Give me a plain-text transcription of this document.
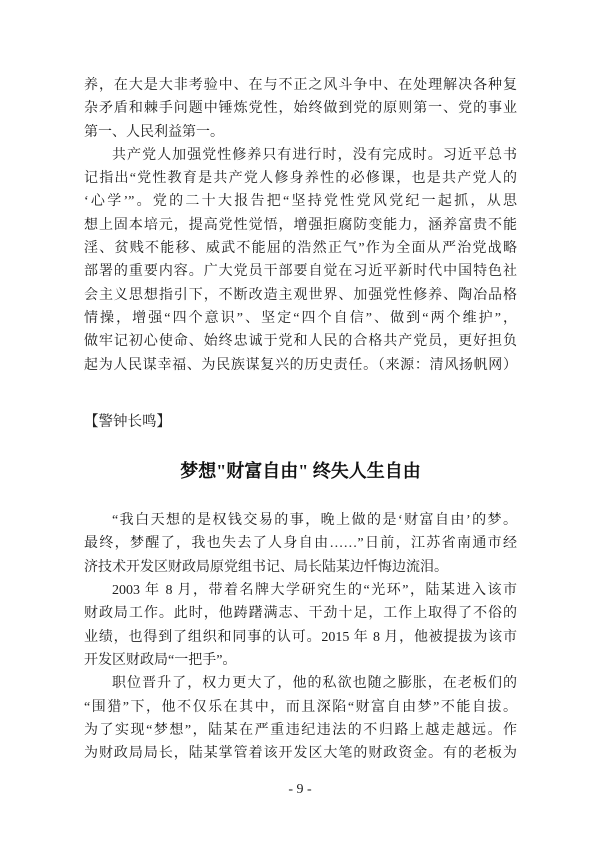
养，在大是大非考验中、在与不正之风斗争中、在处理解决各种复
杂矛盾和棘手问题中锤炼党性，始终做到党的原则第一、党的事业
第一、人民利益第一。
共产党人加强党性修养只有进行时，没有完成时。习近平总书
记指出“党性教育是共产党人修身养性的必修课，也是共产党人的
‘心学’”。党的二十大报告把“坚持党性党风党纪一起抓，从思
想上固本培元，提高党性觉悟，增强拒腐防变能力，涵养富贵不能
淫、贫贱不能移、威武不能屈的浩然正气”作为全面从严治党战略
部署的重要内容。广大党员干部要自觉在习近平新时代中国特色社
会主义思想指引下，不断改造主观世界、加强党性修养、陶冶品格
情操，增强“四个意识”、坚定“四个自信”、做到“两个维护”，
做牢记初心使命、始终忠诚于党和人民的合格共产党员，更好担负
起为人民谋幸福、为民族谋复兴的历史责任。（来源：清风扬帆网）
【警钟长鸣】
梦想"财富自由" 终失人生自由
“我白天想的是权钱交易的事，晚上做的是‘财富自由’的梦。
最终，梦醒了，我也失去了人身自由……”日前，江苏省南通市经
济技术开发区财政局原党组书记、局长陆某边忏悔边流泪。
2003 年 8 月，带着名牌大学研究生的“光环”，陆某进入该市
财政局工作。此时，他踌躇满志、干劲十足，工作上取得了不俗的
业绩，也得到了组织和同事的认可。2015 年 8 月，他被提拔为该市
开发区财政局“一把手”。
职位晋升了，权力更大了，他的私欲也随之膨胀，在老板们的
“围猎”下，他不仅乐在其中，而且深陷“财富自由梦”不能自拔。
为了实现“梦想”，陆某在严重违纪违法的不归路上越走越远。作
为财政局局长，陆某掌管着该开发区大笔的财政资金。有的老板为
- 9 -
